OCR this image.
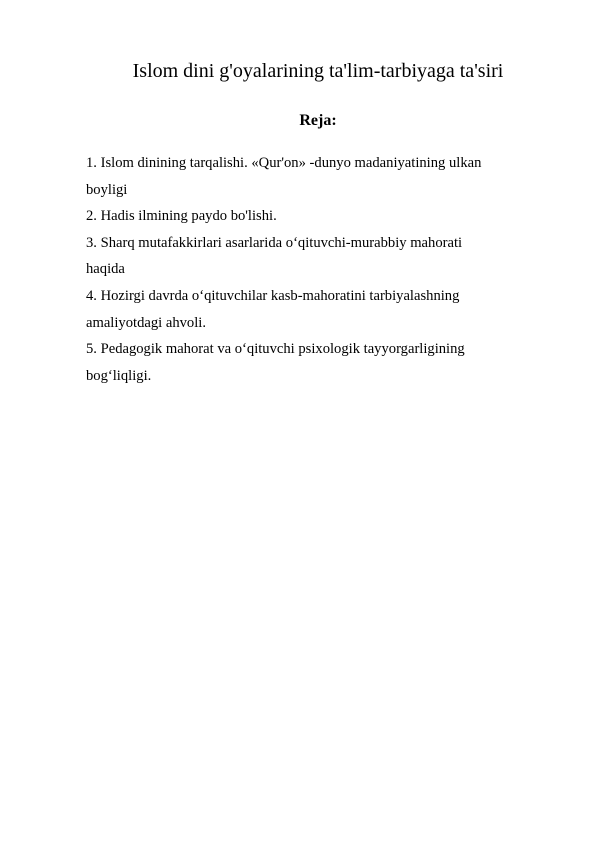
Islom dini g'oyalarining ta'lim-tarbiyaga ta'siri
Reja:
1. Islom dinining tarqalishi. «Qur'on» -dunyo madaniyatining ulkan
boyligi
2. Hadis ilmining paydo bo'lishi.
3. Sharq mutafakkirlari asarlarida o‘qituvchi-murabbiy mahorati
haqida
4. Hozirgi davrda o‘qituvchilar kasb-mahoratini tarbiyalashning
amaliyotdagi ahvoli.
5. Pedagogik mahorat va o‘qituvchi psixologik tayyorgarligining
bog‘liqligi.
